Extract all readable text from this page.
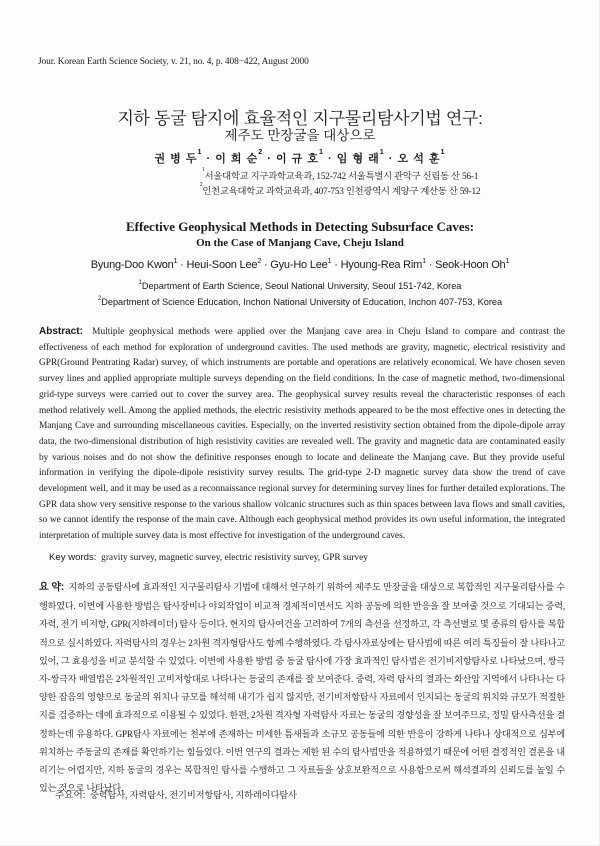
Jour. Korean Earth Science Society, v. 21, no. 4, p. 408−422, August 2000
지하 동굴 탐지에 효율적인 지구물리탐사기법 연구:
제주도 만장굴을 대상으로
권 병 두$^1$ · 이 희 순$^2$ · 이 규 호$^1$ · 임 형 래$^1$ · 오 석 훈$^1$
$^1$서울대학교 지구과학교육과, 152-742 서울특별시 관악구 신림동 산 56-1
$^2$인천교육대학교 과학교육과, 407-753 인천광역시 계양구 계산동 산 59-12
Effective Geophysical Methods in Detecting Subsurface Caves:
On the Case of Manjang Cave, Cheju Island
Byung-Doo Kwon$^1$ · Heui-Soon Lee$^2$ · Gyu-Ho Lee$^1$ · Hyoung-Rea Rim$^1$ · Seok-Hoon Oh$^1$
$^1$Department of Earth Science, Seoul National University, Seoul 151-742, Korea
$^2$Department of Science Education, Inchon National University of Education, Inchon 407-753, Korea
Abstract: Multiple geophysical methods were applied over the Manjang cave area in Cheju Island to compare and contrast the effectiveness of each method for exploration of underground cavities. The used methods are gravity, magnetic, electrical resistivity and GPR(Ground Pentrating Radar) survey, of which instruments are portable and operations are relatively economical. We have chosen seven survey lines and applied appropriate multiple surveys depending on the field conditions. In the case of magnetic method, two-dimensional grid-type surveys were carried out to cover the survey area. The geophysical survey results reveal the characteristic responses of each method relatively well. Among the applied methods, the electric resistivity methods appeared to be the most effective ones in detecting the Manjang Cave and surrounding miscellaneous cavities. Especially, on the inverted resistivity section obtained from the dipole-dipole array data, the two-dimensional distribution of high resistivity cavities are revealed well. The gravity and magnetic data are contaminated easily by various noises and do not show the definitive responses enough to locate and delineate the Manjang cave. But they provide useful information in verifying the dipole-dipole resistivity survey results. The grid-type 2-D magnetic survey data show the trend of cave development well, and it may be used as a reconnaissance regional survey for determining survey lines for further detailed explorations. The GPR data show very sensitive response to the various shallow volcanic structures such as thin spaces between lava flows and small cavities, so we cannot identify the response of the main cave. Although each geophysical method provides its own useful information, the integrated interpretation of multiple survey data is most effective for investigation of the underground caves.
Key words: gravity survey, magnetic survey, electric resistivity survey, GPR survey
요 약: 지하의 공동탐사에 효과적인 지구물리탐사 기법에 대해서 연구하기 위하여 제주도 만장굴을 대상으로 복합적인 지구물리탐사를 수행하였다. 이번에 사용한 방법은 탐사장비나 야외작업이 비교적 경제적이면서도 지하 공동에 의한 반응을 잘 보여줄 것으로 기대되는 중력, 자력, 전기 비저항, GPR(지하레이더) 탐사 등이다. 현지의 탐사여건을 고려하여 7개의 측선을 선정하고, 각 측선별로 몇 종류의 탐사를 복합적으로 실시하였다. 자력탐사의 경우는 2차원 격자형탐사도 함께 수행하였다. 각 탐사자료상에는 탐사법에 따른 여러 특징들이 잘 나타나고 있어, 그 효용성을 비교 분석할 수 있었다. 이번에 사용한 방법 중 동굴 탐사에 가장 효과적인 탐사법은 전기비저항탐사로 나타났으며, 쌍극자-쌍극자 배열법은 2차원적인 고비저항대로 나타나는 동굴의 존재를 잘 보여준다. 중력, 자력 탐사의 결과는 화산암 지역에서 나타나는 다양한 잡음의 영향으로 동굴의 위치나 규모를 해석해 내기가 쉽지 않지만, 전기비저항탐사 자료에서 인지되는 동굴의 위치와 규모가 적절한지를 검증하는 데에 효과적으로 이용될 수 있었다. 한편, 2차원 격자형 자력탐사 자료는 동굴의 경향성을 잘 보여주므로, 정밀 탐사측선을 결정하는데 유용하다. GPR탐사 자료에는 천부에 존재하는 미세한 틈새들과 소규모 공동들에 의한 반응이 강하게 나타나 상대적으로 심부에 위치하는 주동굴의 존재를 확인하기는 힘들었다. 이번 연구의 결과는 제한 된 수의 탐사법만을 적용하였기 때문에 어떤 결정적인 결론을 내리기는 어렵지만, 지하 동굴의 경우는 복합적인 탐사를 수행하고 그 자료들을 상호보완적으로 사용함으로써 해석결과의 신뢰도를 높일 수 있는 것으로 나타났다.
주요어: 중력탐사, 자력탐사, 전기비저항탐사, 지하레이다탐사
